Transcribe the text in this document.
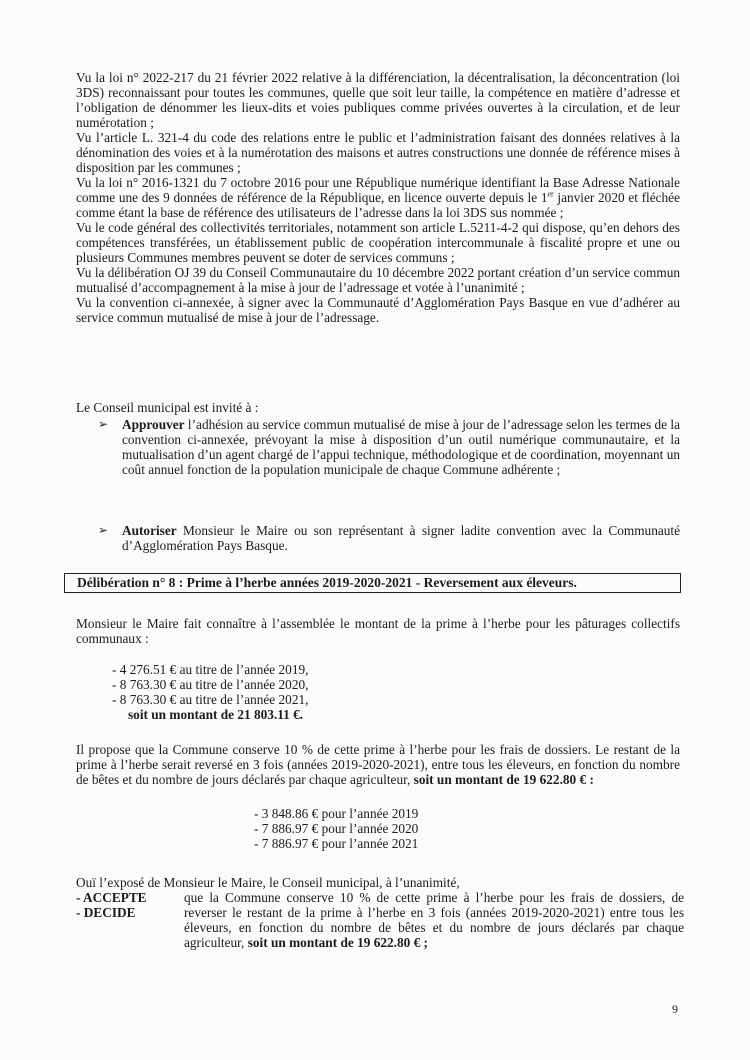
Vu la loi n° 2022-217 du 21 février 2022 relative à la différenciation, la décentralisation, la déconcentration (loi 3DS) reconnaissant pour toutes les communes, quelle que soit leur taille, la compétence en matière d’adresse et l’obligation de dénommer les lieux-dits et voies publiques comme privées ouvertes à la circulation, et de leur numérotation ;

Vu l’article L. 321-4 du code des relations entre le public et l’administration faisant des données relatives à la dénomination des voies et à la numérotation des maisons et autres constructions une donnée de référence mises à disposition par les communes ;

Vu la loi n° 2016-1321 du 7 octobre 2016 pour une République numérique identifiant la Base Adresse Nationale comme une des 9 données de référence de la République, en licence ouverte depuis le 1er janvier 2020 et fléchée comme étant la base de référence des utilisateurs de l’adresse dans la loi 3DS sus nommée ;

Vu le code général des collectivités territoriales, notamment son article L.5211-4-2 qui dispose, qu’en dehors des compétences transférées, un établissement public de coopération intercommunale à fiscalité propre et une ou plusieurs Communes membres peuvent se doter de services communs ;

Vu la délibération OJ 39 du Conseil Communautaire du 10 décembre 2022 portant création d’un service commun mutualisé d’accompagnement à la mise à jour de l’adressage et votée à l’unanimité ;

Vu la convention ci-annexée, à signer avec la Communauté d’Agglomération Pays Basque en vue d’adhérer au service commun mutualisé de mise à jour de l’adressage.

Le Conseil municipal est invité à :
➢ Approuver l’adhésion au service commun mutualisé de mise à jour de l’adressage selon les termes de la convention ci-annexée, prévoyant la mise à disposition d’un outil numérique communautaire, et la mutualisation d’un agent chargé de l’appui technique, méthodologique et de coordination, moyennant un coût annuel fonction de la population municipale de chaque Commune adhérente ;
➢ Autoriser Monsieur le Maire ou son représentant à signer ladite convention avec la Communauté d’Agglomération Pays Basque.
Délibération n° 8 : Prime à l’herbe années 2019-2020-2021 - Reversement aux éleveurs.
Monsieur le Maire fait connaître à l’assemblée le montant de la prime à l’herbe pour les pâturages collectifs communaux :
- 4 276.51 € au titre de l’année 2019,
- 8 763.30 € au titre de l’année 2020,
- 8 763.30 € au titre de l’année 2021,
soit un montant de 21 803.11 €.
Il propose que la Commune conserve 10 % de cette prime à l’herbe pour les frais de dossiers. Le restant de la prime à l’herbe serait reversé en 3 fois (années 2019-2020-2021), entre tous les éleveurs, en fonction du nombre de bêtes et du nombre de jours déclarés par chaque agriculteur, soit un montant de 19 622.80 € :
- 3 848.86 € pour l’année 2019
- 7 886.97 € pour l’année 2020
- 7 886.97 € pour l’année 2021
Ouï l’exposé de Monsieur le Maire, le Conseil municipal, à l’unanimité,
- ACCEPTE
- DECIDE
que la Commune conserve 10 % de cette prime à l’herbe pour les frais de dossiers, de reverser le restant de la prime à l’herbe en 3 fois (années 2019-2020-2021) entre tous les éleveurs, en fonction du nombre de bêtes et du nombre de jours déclarés par chaque agriculteur, soit un montant de 19 622.80 € ;
9
